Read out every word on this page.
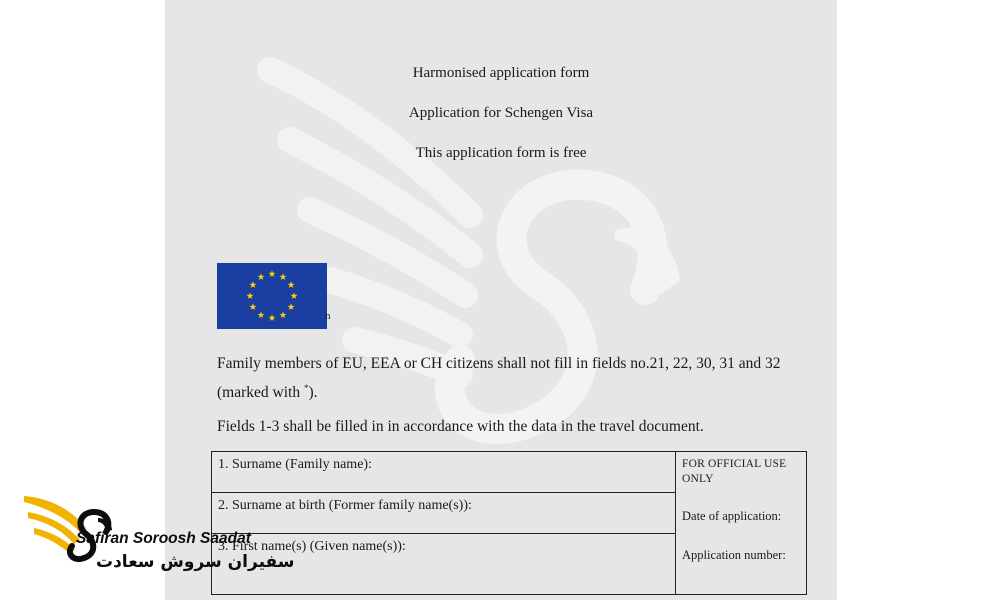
Harmonised application form
Application for Schengen Visa
This application form is free
n
Family members of EU, EEA or CH citizens shall not fill in fields no.21, 22, 30, 31 and 32 (marked with *).
Fields 1-3 shall be filled in in accordance with the data in the travel document.
1. Surname (Family name):	FOR OFFICIAL USE ONLY
Date of application:
Application number:

2. Surname at birth (Former family name(s)):
3. First name(s) (Given name(s)):
Safiran Soroosh Saadat
سفیران سروش سعادت
